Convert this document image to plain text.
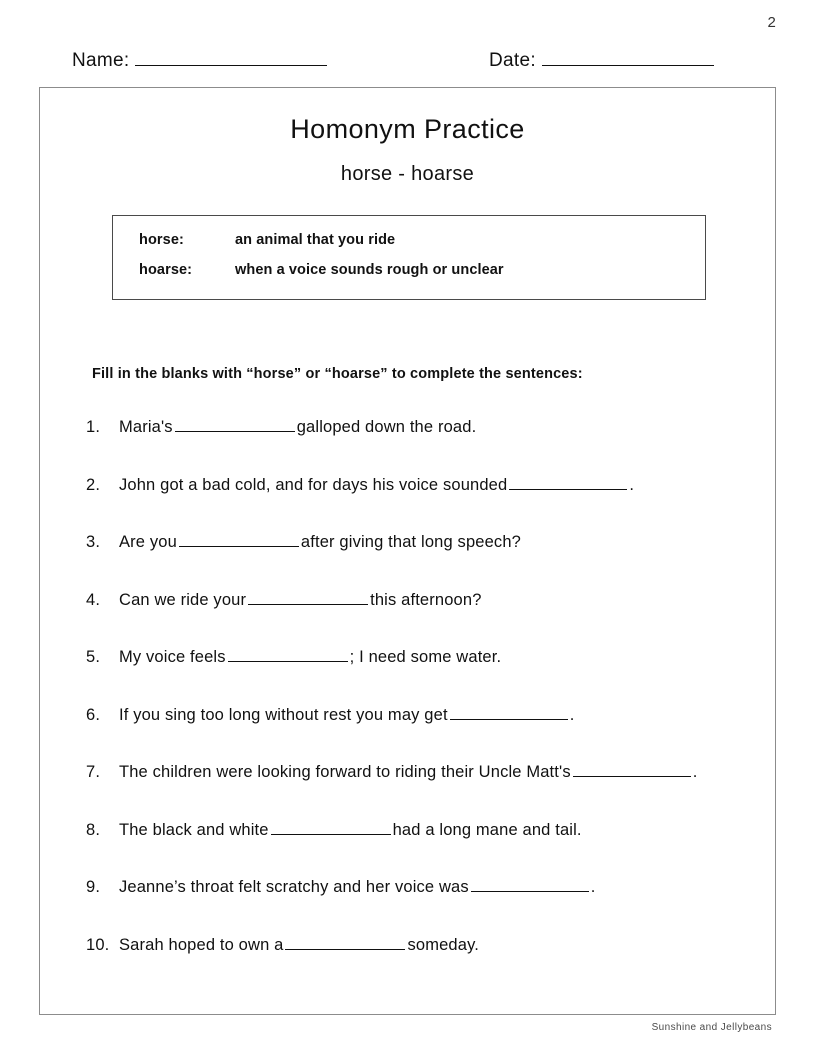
2
Name:	Date:
Homonym Practice
horse - hoarse
horse:	an animal that you ride
hoarse:	when a voice sounds rough or unclear
Fill in the blanks with “horse” or “hoarse” to complete the sentences:
1.	Maria's	galloped down the road.
2.	John got a bad cold, and for days his voice sounded	.
3.	Are you	after giving that long speech?
4.	Can we ride your	this afternoon?
5.	My voice feels	; I need some water.
6.	If you sing too long without rest you may get	.
7.	The children were looking forward to riding their Uncle Matt's	.
8.	The black and white	had a long mane and tail.
9.	Jeanne’s throat felt scratchy and her voice was	.
10. Sarah hoped to own a	someday.
Sunshine and Jellybeans
